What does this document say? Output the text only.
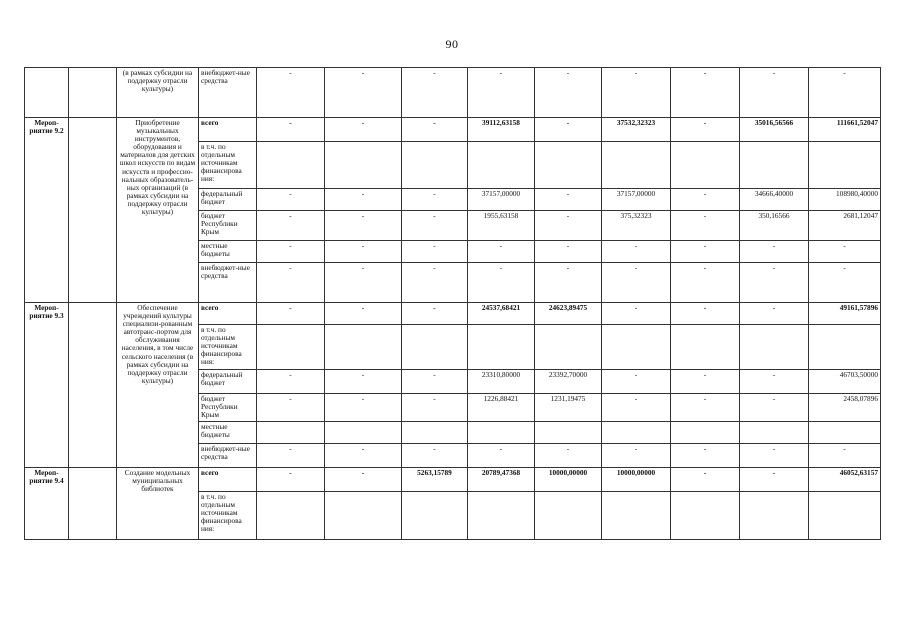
90
		(в рамках субсидии на поддержку отрасли культуры)	внебюджет-ные средства	-	-	-	-	-	-	-	-	-
Мероп-риятие 9.2		Приобретение музыкальных инструментов, оборудования и материалов для детских школ искусств по видам искусств и профессио-нальных образователь-ных организаций (в рамках субсидии на поддержку отрасли культуры)	всего	-	-	-	39112,63158	-	37532,32323	-	35016,56566	111661,52047
			в т.ч. по отдельным источникам финансирова ния:									
			федеральный бюджет	-	-	-	37157,00000	-	37157,00000	-	34666,40000	108980,40000
			бюджет Республики Крым	-	-	-	1955,63158	-	375,32323	-	350,16566	2681,12047
			местные бюджеты	-	-	-	-	-	-	-	-	-
			внебюджет-ные средства	-	-	-	-	-	-	-	-	-
Мероп-риятие 9.3		Обеспечение учреждений культуры специализи-рованным автотранс-портом для обслуживания населения, в том числе сельского населения (в рамках субсидии на поддержку отрасли культуры)	всего	-	-	-	24537,68421	24623,89475	-	-	-	49161,57896
			в т.ч. по отдельным источникам финансирова ния:									
			федеральный бюджет	-	-	-	23310,80000	23392,70000	-	-	-	46703,50000
			бюджет Республики Крым	-	-	-	1226,88421	1231,19475	-	-	-	2458,07896
			местные бюджеты									
			внебюджет-ные средства	-	-	-	-	-	-	-	-	-
Мероп-риятие 9.4		Создание модельных муниципальных библиотек	всего	-	-	5263,15789	20789,47368	10000,00000	10000,00000	-	-	46052,63157
			в т.ч. по отдельным источникам финансирова ния:									
